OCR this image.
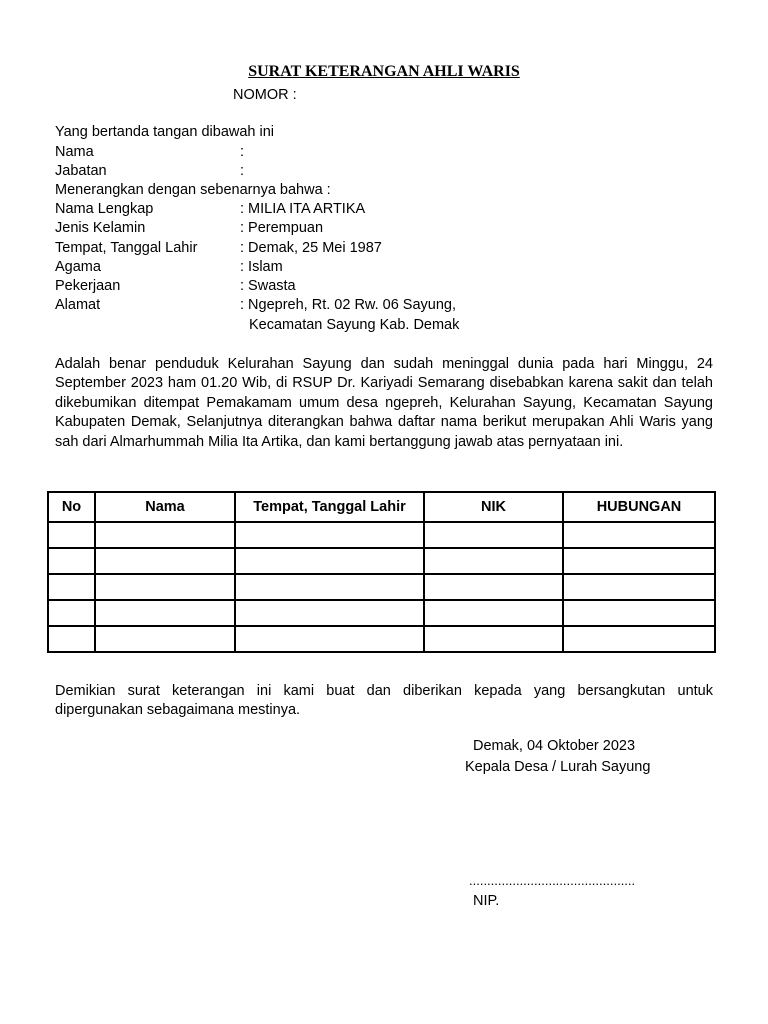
SURAT KETERANGAN AHLI WARIS
NOMOR :
Yang bertanda tangan dibawah ini
Nama	:
Jabatan	:
Menerangkan dengan sebenarnya bahwa :
Nama Lengkap	: MILIA ITA ARTIKA
Jenis Kelamin	: Perempuan
Tempat, Tanggal Lahir	: Demak, 25 Mei 1987
Agama	: Islam
Pekerjaan	: Swasta
Alamat	: Ngepreh, Rt. 02 Rw. 06 Sayung,
Kecamatan Sayung Kab. Demak
Adalah benar penduduk Kelurahan Sayung dan sudah meninggal dunia pada hari Minggu, 24 September 2023 ham 01.20 Wib, di RSUP Dr. Kariyadi Semarang disebabkan karena sakit dan telah dikebumikan ditempat Pemakamam umum desa ngepreh, Kelurahan Sayung, Kecamatan Sayung Kabupaten Demak, Selanjutnya diterangkan bahwa daftar nama berikut merupakan Ahli Waris yang sah dari Almarhummah Milia Ita Artika, dan kami bertanggung jawab atas pernyataan ini.
No	Nama	Tempat, Tanggal Lahir	NIK	HUBUNGAN

Demikian surat keterangan ini kami buat dan diberikan kepada yang bersangkutan untuk dipergunakan sebagaimana mestinya.
Demak, 04 Oktober 2023
Kepala Desa / Lurah Sayung
..............................................
NIP.
